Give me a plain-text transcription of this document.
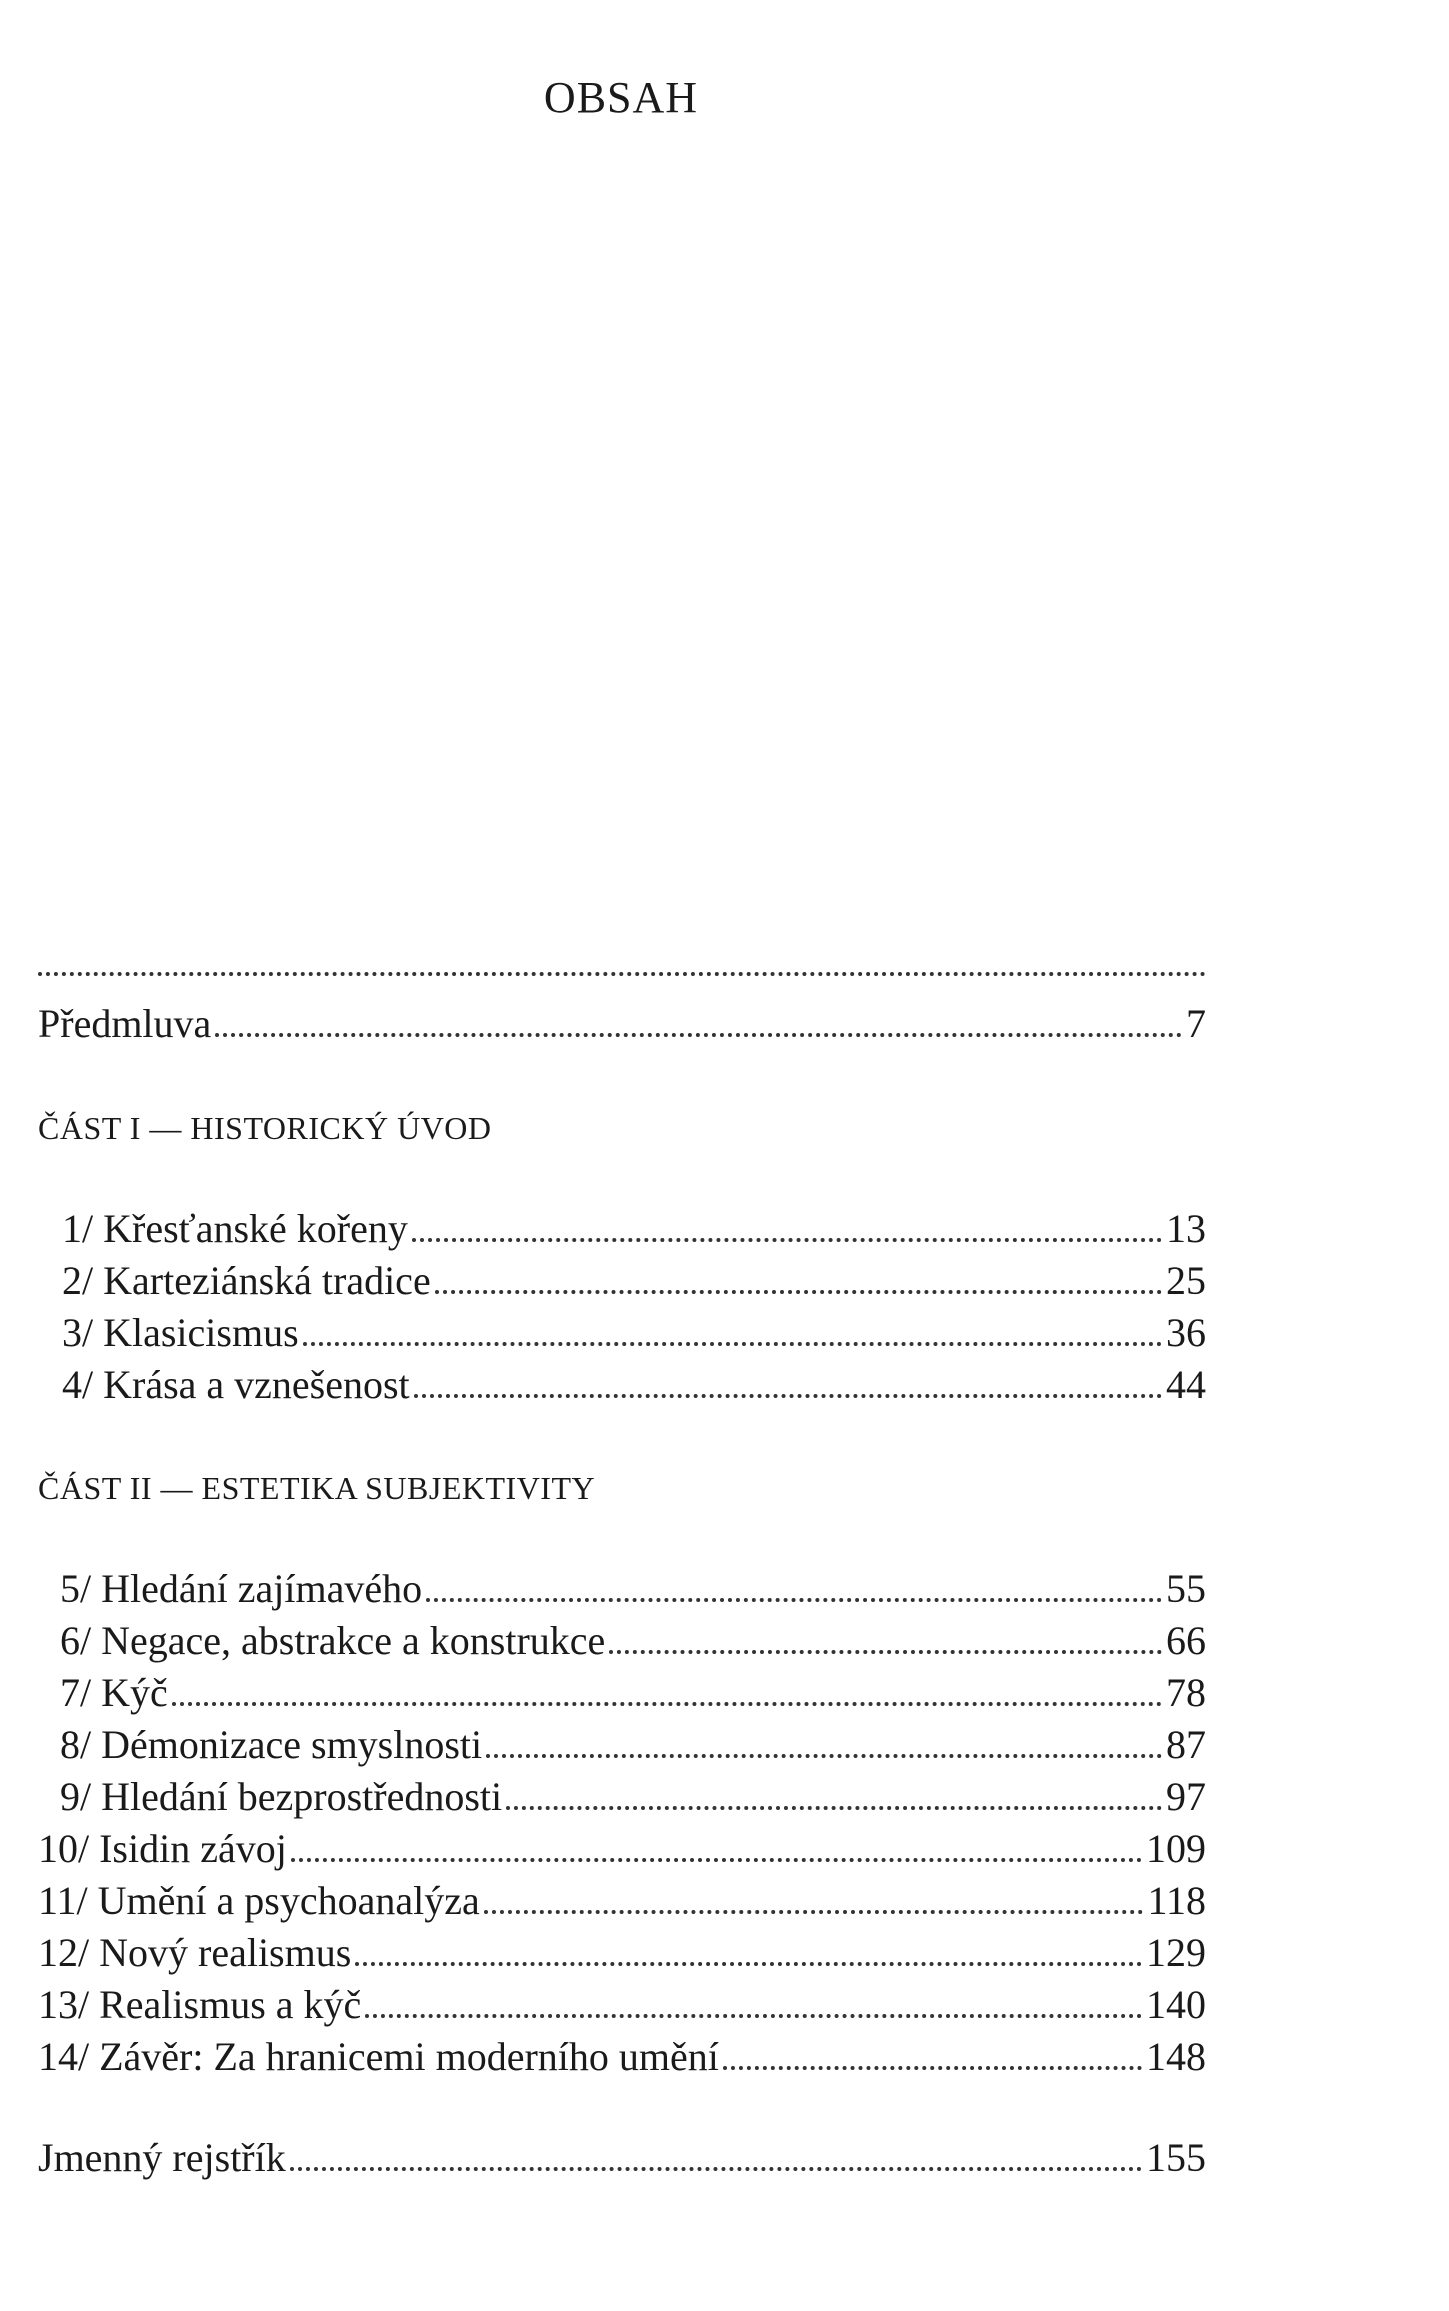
OBSAH
Předmluva	7
ČÁST I — HISTORICKÝ ÚVOD
1/ Křesťanské kořeny	13
2/ Karteziánská tradice	25
3/ Klasicismus	36
4/ Krása a vznešenost	44
ČÁST II — ESTETIKA SUBJEKTIVITY
5/ Hledání zajímavého	55
6/ Negace, abstrakce a konstrukce	66
7/ Kýč	78
8/ Démonizace smyslnosti	87
9/ Hledání bezprostřednosti	97
10/ Isidin závoj	109
11/ Umění a psychoanalýza	118
12/ Nový realismus	129
13/ Realismus a kýč	140
14/ Závěr: Za hranicemi moderního umění	148
Jmenný rejstřík	155
